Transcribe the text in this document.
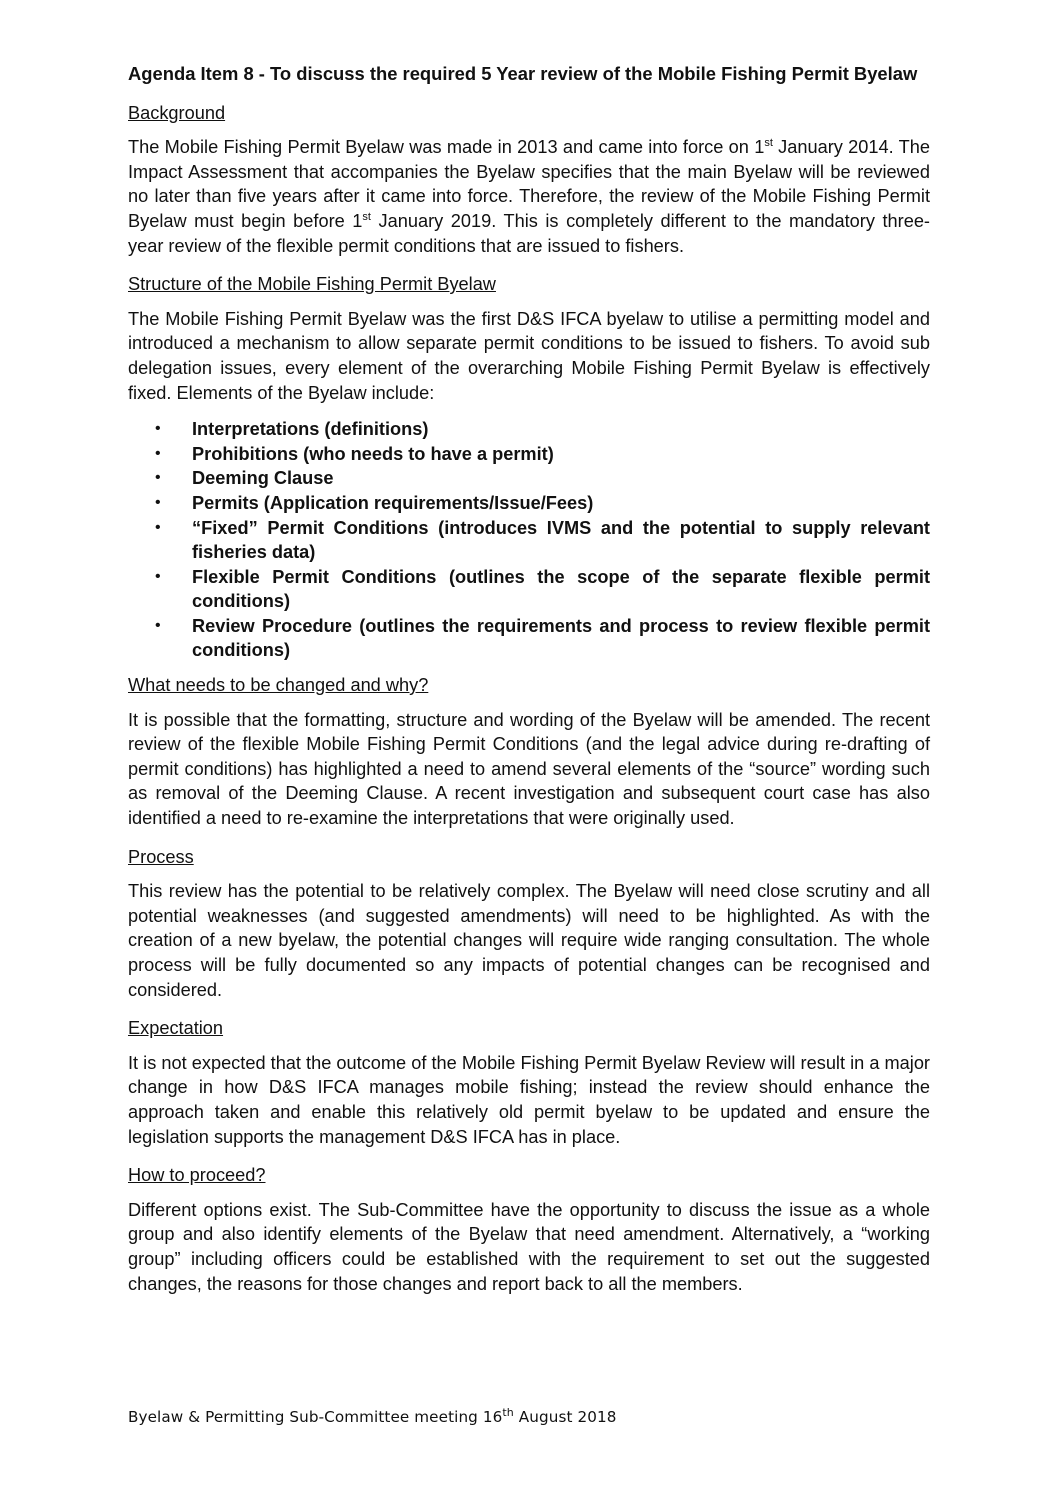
Agenda Item 8 - To discuss the required 5 Year review of the Mobile Fishing Permit Byelaw
Background
The Mobile Fishing Permit Byelaw was made in 2013 and came into force on 1st January 2014. The Impact Assessment that accompanies the Byelaw specifies that the main Byelaw will be reviewed no later than five years after it came into force. Therefore, the review of the Mobile Fishing Permit Byelaw must begin before 1st January 2019. This is completely different to the mandatory three-year review of the flexible permit conditions that are issued to fishers.
Structure of the Mobile Fishing Permit Byelaw
The Mobile Fishing Permit Byelaw was the first D&S IFCA byelaw to utilise a permitting model and introduced a mechanism to allow separate permit conditions to be issued to fishers. To avoid sub delegation issues, every element of the overarching Mobile Fishing Permit Byelaw is effectively fixed. Elements of the Byelaw include:
• Interpretations (definitions)
• Prohibitions (who needs to have a permit)
• Deeming Clause
• Permits (Application requirements/Issue/Fees)
• “Fixed” Permit Conditions (introduces IVMS and the potential to supply relevant fisheries data)
• Flexible Permit Conditions (outlines the scope of the separate flexible permit conditions)
• Review Procedure (outlines the requirements and process to review flexible permit conditions)
What needs to be changed and why?
It is possible that the formatting, structure and wording of the Byelaw will be amended. The recent review of the flexible Mobile Fishing Permit Conditions (and the legal advice during re-drafting of permit conditions) has highlighted a need to amend several elements of the “source” wording such as removal of the Deeming Clause. A recent investigation and subsequent court case has also identified a need to re-examine the interpretations that were originally used.
Process
This review has the potential to be relatively complex. The Byelaw will need close scrutiny and all potential weaknesses (and suggested amendments) will need to be highlighted. As with the creation of a new byelaw, the potential changes will require wide ranging consultation. The whole process will be fully documented so any impacts of potential changes can be recognised and considered.
Expectation
It is not expected that the outcome of the Mobile Fishing Permit Byelaw Review will result in a major change in how D&S IFCA manages mobile fishing; instead the review should enhance the approach taken and enable this relatively old permit byelaw to be updated and ensure the legislation supports the management D&S IFCA has in place.
How to proceed?
Different options exist. The Sub-Committee have the opportunity to discuss the issue as a whole group and also identify elements of the Byelaw that need amendment. Alternatively, a “working group” including officers could be established with the requirement to set out the suggested changes, the reasons for those changes and report back to all the members.
Byelaw & Permitting Sub-Committee meeting 16th August 2018
